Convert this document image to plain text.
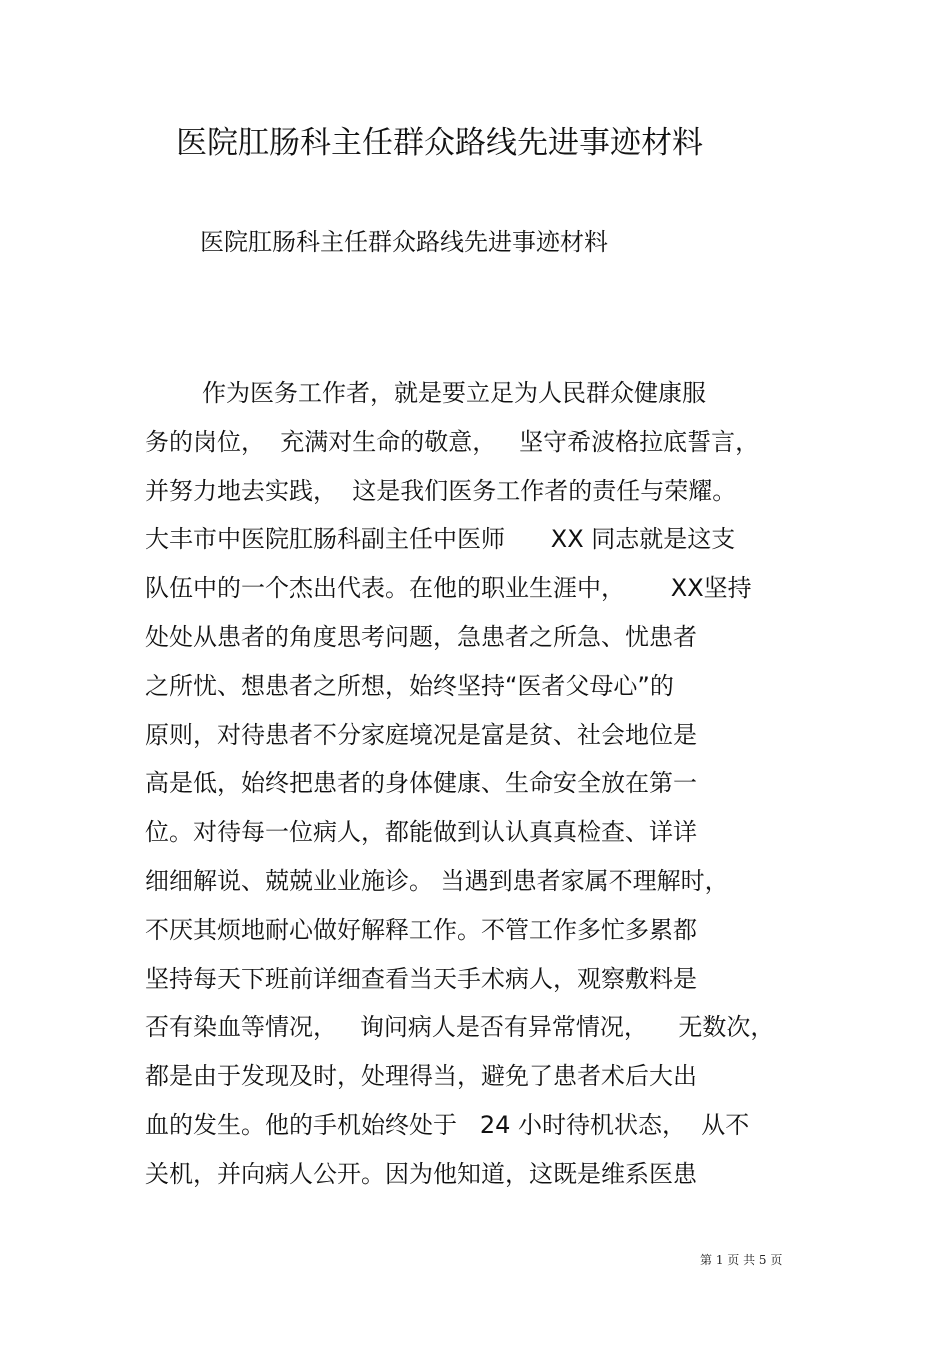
医院肛肠科主任群众路线先进事迹材料
医院肛肠科主任群众路线先进事迹材料
作为医务工作者，就是要立足为人民群众健康服
务的岗位，  充满对生命的敬意，   坚守希波格拉底誓言，
并努力地去实践，  这是我们医务工作者的责任与荣耀。
大丰市中医院肛肠科副主任中医师      XX 同志就是这支
队伍中的一个杰出代表。在他的职业生涯中，      XX坚持
处处从患者的角度思考问题，急患者之所急、忧患者
之所忧、想患者之所想，始终坚持“医者父母心”的
原则，对待患者不分家庭境况是富是贫、社会地位是
高是低，始终把患者的身体健康、生命安全放在第一
位。对待每一位病人，都能做到认认真真检查、详详
细细解说、兢兢业业施诊。 当遇到患者家属不理解时，
不厌其烦地耐心做好解释工作。不管工作多忙多累都
坚持每天下班前详细查看当天手术病人，观察敷料是
否有染血等情况，   询问病人是否有异常情况，    无数次，
都是由于发现及时，处理得当，避免了患者术后大出
血的发生。他的手机始终处于   24 小时待机状态，  从不
关机，并向病人公开。因为他知道，这既是维系医患
第 1 页 共 5 页
